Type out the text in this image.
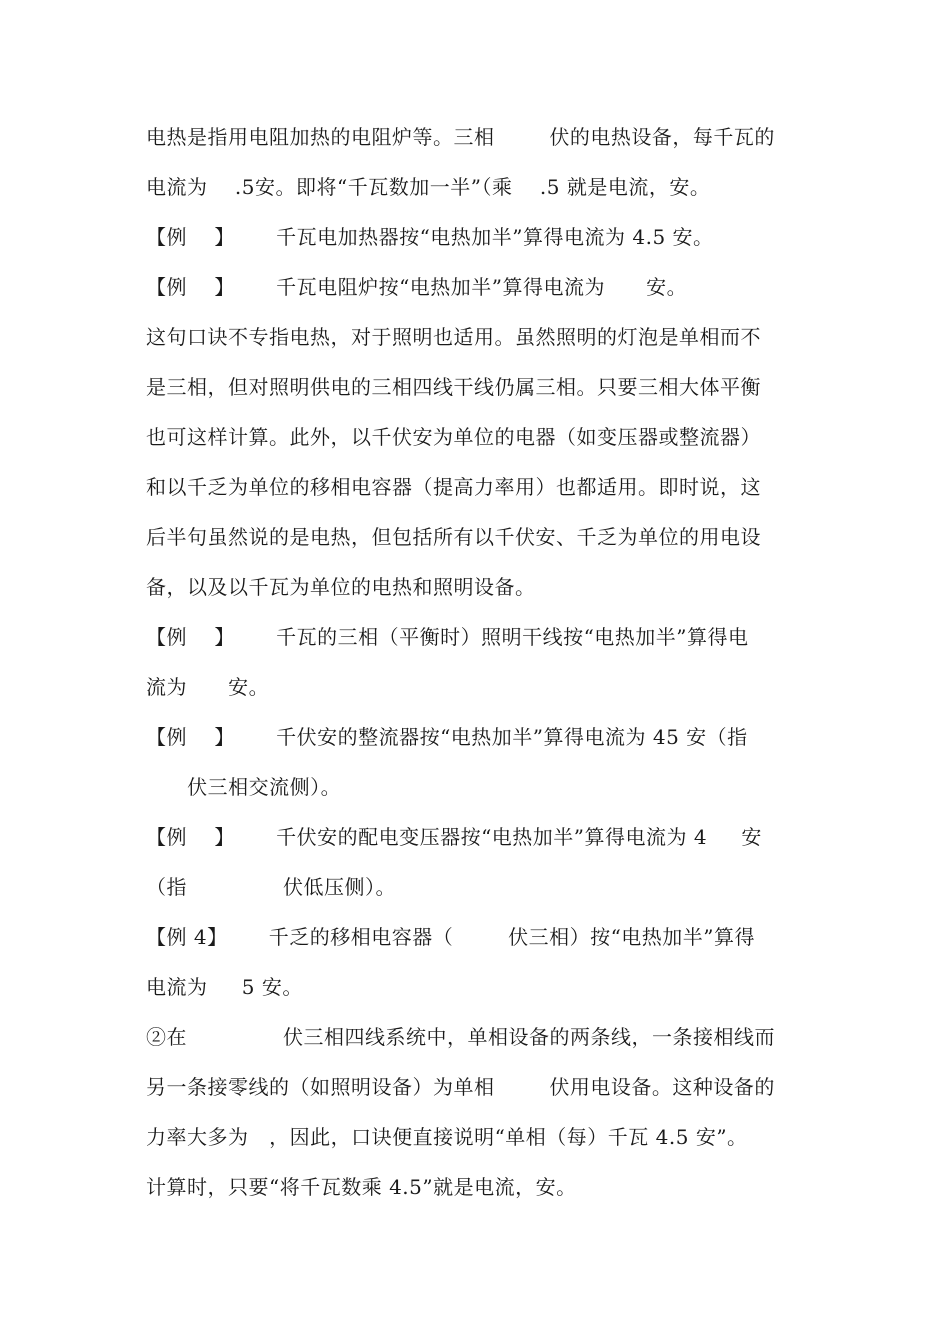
电热是指用电阻加热的电阻炉等。三相        伏的电热设备，每千瓦的
电流为    .5安。即将“千瓦数加一半”（乘    .5 就是电流，安。
【例    】      千瓦电加热器按“电热加半”算得电流为 4.5 安。
【例    】      千瓦电阻炉按“电热加半”算得电流为      安。
这句口诀不专指电热，对于照明也适用。虽然照明的灯泡是单相而不
是三相，但对照明供电的三相四线干线仍属三相。只要三相大体平衡
也可这样计算。此外，以千伏安为单位的电器（如变压器或整流器）
和以千乏为单位的移相电容器（提高力率用）也都适用。即时说，这
后半句虽然说的是电热，但包括所有以千伏安、千乏为单位的用电设
备，以及以千瓦为单位的电热和照明设备。
【例    】      千瓦的三相（平衡时）照明干线按“电热加半”算得电
流为      安。
【例    】      千伏安的整流器按“电热加半”算得电流为 45 安（指
伏三相交流侧）。
【例    】      千伏安的配电变压器按“电热加半”算得电流为 4     安
（指              伏低压侧）。
【例 4】      千乏的移相电容器（        伏三相）按“电热加半”算得
电流为     5 安。
②在              伏三相四线系统中，单相设备的两条线，一条接相线而
另一条接零线的（如照明设备）为单相        伏用电设备。这种设备的
力率大多为   ，因此，口诀便直接说明“单相（每）千瓦 4.5 安”。
计算时，只要“将千瓦数乘 4.5”就是电流，安。
